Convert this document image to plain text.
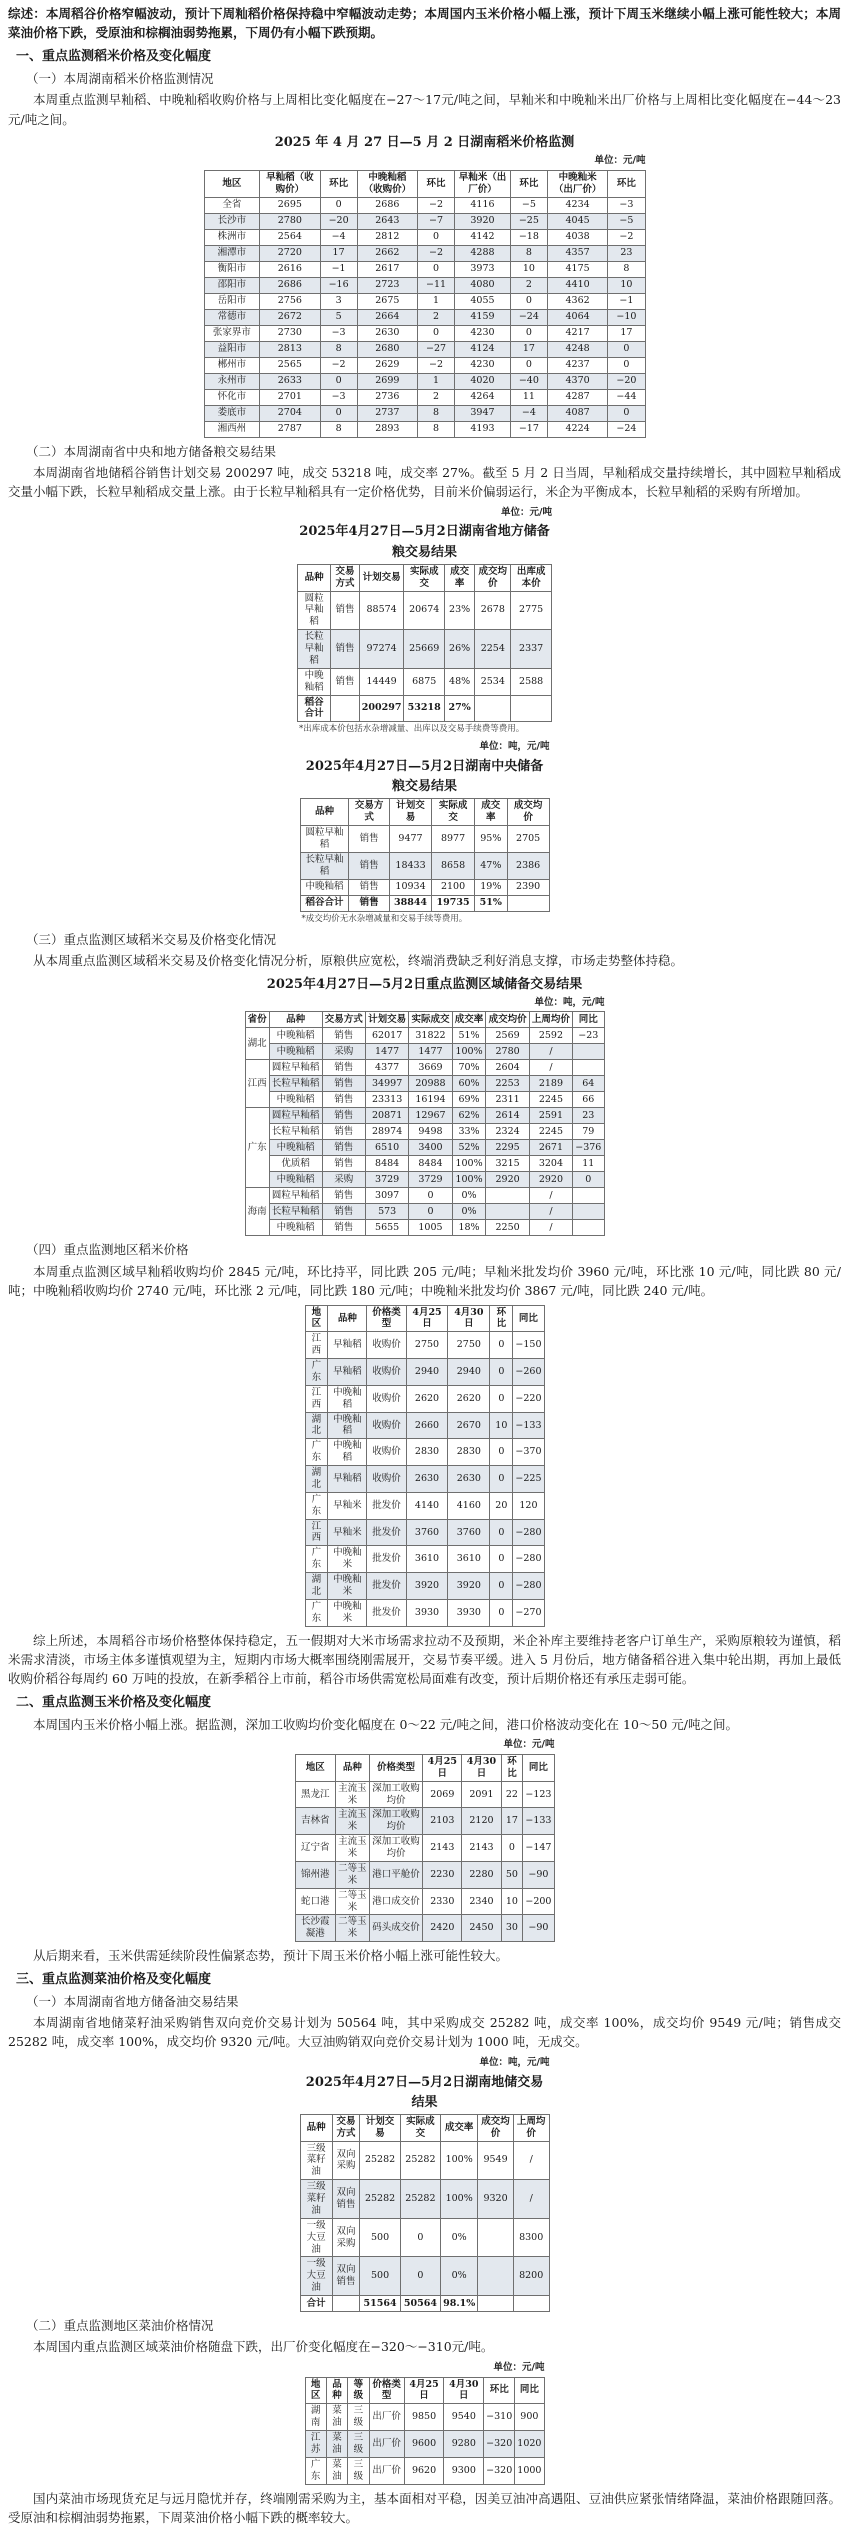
综述：本周稻谷价格窄幅波动，预计下周籼稻价格保持稳中窄幅波动走势；本周国内玉米价格小幅上涨，预计下周玉米继续小幅上涨可能性较大；本周菜油价格下跌，受原油和棕榈油弱势拖累，下周仍有小幅下跌预期。

一、重点监测稻米价格及变化幅度
（一）本周湖南稻米价格监测情况

本周重点监测早籼稻、中晚籼稻收购价格与上周相比变化幅度在−27～17元/吨之间，早籼米和中晚籼米出厂价格与上周相比变化幅度在−44～23元/吨之间。

2025 年 4 月 27 日—5 月 2 日湖南稻米价格监测
单位：元/吨
地区	早籼稻（收购价）	环比	中晚籼稻（收购价）	环比	早籼米（出厂价）	环比	中晚籼米（出厂价）	环比
全省	2695	0	2686	−2	4116	−5	4234	−3
长沙市	2780	−20	2643	−7	3920	−25	4045	−5
株洲市	2564	−4	2812	0	4142	−18	4038	−2
湘潭市	2720	17	2662	−2	4288	8	4357	23
衡阳市	2616	−1	2617	0	3973	10	4175	8
邵阳市	2686	−16	2723	−11	4080	2	4410	10
岳阳市	2756	3	2675	1	4055	0	4362	−1
常德市	2672	5	2664	2	4159	−24	4064	−10
张家界市	2730	−3	2630	0	4230	0	4217	17
益阳市	2813	8	2680	−27	4124	17	4248	0
郴州市	2565	−2	2629	−2	4230	0	4237	0
永州市	2633	0	2699	1	4020	−40	4370	−20
怀化市	2701	−3	2736	2	4264	11	4287	−44
娄底市	2704	0	2737	8	3947	−4	4087	0
湘西州	2787	8	2893	8	4193	−17	4224	−24
（二）本周湖南省中央和地方储备粮交易结果

本周湖南省地储稻谷销售计划交易 200297 吨，成交 53218 吨，成交率 27%。截至 5 月 2 日当周，早籼稻成交量持续增长，其中圆粒早籼稻成交量小幅下跌，长粒早籼稻成交量上涨。由于长粒早籼稻具有一定价格优势，目前米价偏弱运行，米企为平衡成本，长粒早籼稻的采购有所增加。

单位：元/吨
2025年4月27日—5月2日湖南省地方储备粮交易结果
品种	交易方式	计划交易	实际成交	成交率	成交均价	出库成本价
圆粒早籼稻	销售	88574	20674	23%	2678	2775
长粒早籼稻	销售	97274	25669	26%	2254	2337
中晚籼稻	销售	14449	6875	48%	2534	2588
稻谷合计		200297	53218	27%		
*出库成本价包括水杂增减量、出库以及交易手续费等费用。
单位：吨，元/吨
2025年4月27日—5月2日湖南中央储备粮交易结果
品种	交易方式	计划交易	实际成交	成交率	成交均价
圆粒早籼稻	销售	9477	8977	95%	2705
长粒早籼稻	销售	18433	8658	47%	2386
中晚籼稻	销售	10934	2100	19%	2390
稻谷合计	销售	38844	19735	51%	
*成交均价无水杂增减量和交易手续等费用。
（三）重点监测区域稻米交易及价格变化情况

从本周重点监测区域稻米交易及价格变化情况分析，原粮供应宽松，终端消费缺乏利好消息支撑，市场走势整体持稳。

2025年4月27日—5月2日重点监测区域储备交易结果
单位：吨，元/吨
省份	品种	交易方式	计划交易	实际成交	成交率	成交均价	上周均价	同比
湖北	中晚籼稻	销售	62017	31822	51%	2569	2592	−23
	中晚籼稻	采购	1477	1477	100%	2780	/	
江西	圆粒早籼稻	销售	4377	3669	70%	2604	/	
	长粒早籼稻	销售	34997	20988	60%	2253	2189	64
	中晚籼稻	销售	23313	16194	69%	2311	2245	66
广东	圆粒早籼稻	销售	20871	12967	62%	2614	2591	23
	长粒早籼稻	销售	28974	9498	33%	2324	2245	79
	中晚籼稻	销售	6510	3400	52%	2295	2671	−376
	优质稻	销售	8484	8484	100%	3215	3204	11
	中晚籼稻	采购	3729	3729	100%	2920	2920	0
海南	圆粒早籼稻	销售	3097	0	0%		/	
	长粒早籼稻	销售	573	0	0%		/	
	中晚籼稻	销售	5655	1005	18%	2250	/	
（四）重点监测地区稻米价格

本周重点监测区域早籼稻收购均价 2845 元/吨，环比持平，同比跌 205 元/吨；早籼米批发均价 3960 元/吨，环比涨 10 元/吨，同比跌 80 元/吨；中晚籼稻收购均价 2740 元/吨，环比涨 2 元/吨，同比跌 180 元/吨；中晚籼米批发均价 3867 元/吨，同比跌 240 元/吨。

地区	品种	价格类型	4月25日	4月30日	环比	同比
江西	早籼稻	收购价	2750	2750	0	−150
广东	早籼稻	收购价	2940	2940	0	−260
江西	中晚籼稻	收购价	2620	2620	0	−220
湖北	中晚籼稻	收购价	2660	2670	10	−133
广东	中晚籼稻	收购价	2830	2830	0	−370
湖北	早籼稻	收购价	2630	2630	0	−225
广东	早籼米	批发价	4140	4160	20	120
江西	早籼米	批发价	3760	3760	0	−280
广东	中晚籼米	批发价	3610	3610	0	−280
湖北	中晚籼米	批发价	3920	3920	0	−280
广东	中晚籼米	批发价	3930	3930	0	−270

综上所述，本周稻谷市场价格整体保持稳定，五一假期对大米市场需求拉动不及预期，米企补库主要维持老客户订单生产，采购原粮较为谨慎，稻米需求清淡，市场主体多谨慎观望为主，短期内市场大概率围绕刚需展开，交易节奏平缓。进入 5 月份后，地方储备稻谷进入集中轮出期，再加上最低收购价稻谷每周约 60 万吨的投放，在新季稻谷上市前，稻谷市场供需宽松局面难有改变，预计后期价格还有承压走弱可能。

二、重点监测玉米价格及变化幅度

本周国内玉米价格小幅上涨。据监测，深加工收购均价变化幅度在 0～22 元/吨之间，港口价格波动变化在 10～50 元/吨之间。

单位：元/吨
地区	品种	价格类型	4月25日	4月30日	环比	同比
黑龙江	主流玉米	深加工收购均价	2069	2091	22	−123
吉林省	主流玉米	深加工收购均价	2103	2120	17	−133
辽宁省	主流玉米	深加工收购均价	2143	2143	0	−147
锦州港	二等玉米	港口平舱价	2230	2280	50	−90
蛇口港	二等玉米	港口成交价	2330	2340	10	−200
长沙霞凝港	二等玉米	码头成交价	2420	2450	30	−90

从后期来看，玉米供需延续阶段性偏紧态势，预计下周玉米价格小幅上涨可能性较大。

三、重点监测菜油价格及变化幅度
（一）本周湖南省地方储备油交易结果

本周湖南省地储菜籽油采购销售双向竞价交易计划为 50564 吨，其中采购成交 25282 吨，成交率 100%，成交均价 9549 元/吨；销售成交 25282 吨，成交率 100%，成交均价 9320 元/吨。大豆油购销双向竞价交易计划为 1000 吨，无成交。

单位：吨，元/吨
2025年4月27日—5月2日湖南地储交易结果
品种	交易方式	计划交易	实际成交	成交率	成交均价	上周均价
三级菜籽油	双向采购	25282	25282	100%	9549	/
三级菜籽油	双向销售	25282	25282	100%	9320	/
一级大豆油	双向采购	500	0	0%		8300
一级大豆油	双向销售	500	0	0%		8200
合计		51564	50564	98.1%		
（二）重点监测地区菜油价格情况

本周国内重点监测区域菜油价格随盘下跌，出厂价变化幅度在−320～−310元/吨。

单位：元/吨
地区	品种	等级	价格类型	4月25日	4月30日	环比	同比
湖南	菜油	三级	出厂价	9850	9540	−310	900
江苏	菜油	三级	出厂价	9600	9280	−320	1020
广东	菜油	三级	出厂价	9620	9300	−320	1000

国内菜油市场现货充足与远月隐忧并存，终端刚需采购为主，基本面相对平稳，因美豆油冲高遇阻、豆油供应紧张情绪降温，菜油价格跟随回落。受原油和棕榈油弱势拖累，下周菜油价格小幅下跌的概率较大。
